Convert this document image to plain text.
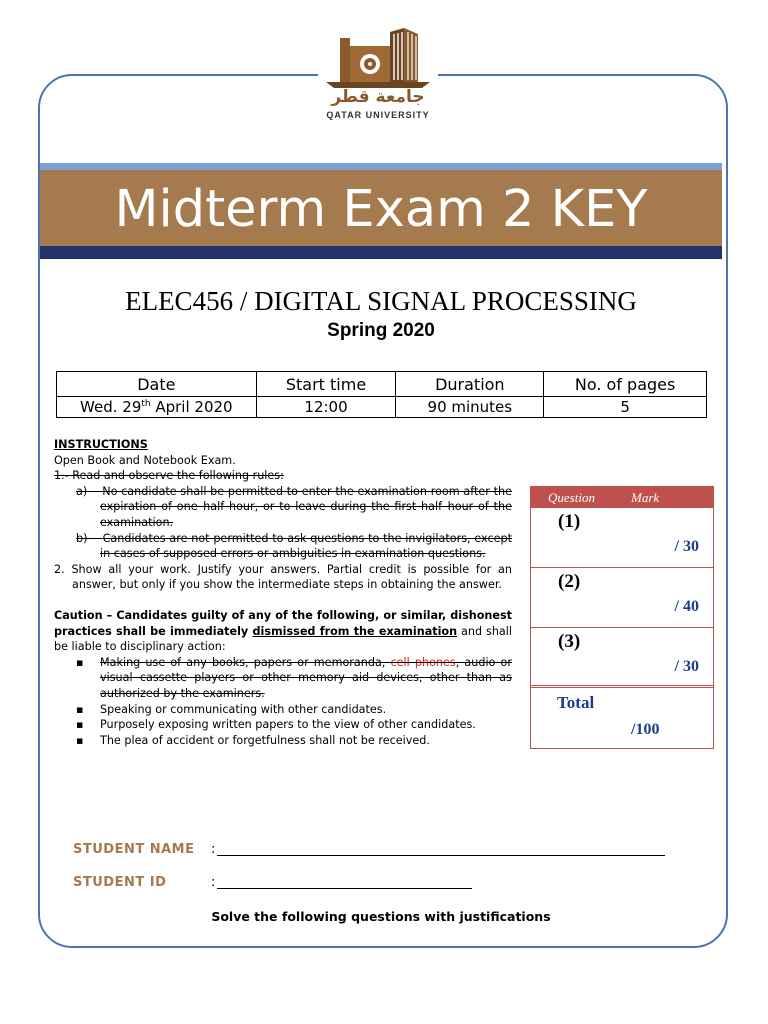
جامعة قطر
QATAR UNIVERSITY
Midterm Exam 2 KEY
ELEC456 / DIGITAL SIGNAL PROCESSING
Spring 2020
Date	Start time	Duration	No. of pages
Wed. 29th April 2020	12:00	90 minutes	5
INSTRUCTIONS
Open Book and Notebook Exam.
1.- Read and observe the following rules:
a) No candidate shall be permitted to enter the examination room after the expiration of one–half hour, or to leave during the first half–hour of the examination.
b) Candidates are not permitted to ask questions to the invigilators, except in cases of supposed errors or ambiguities in examination questions.
2. Show all your work. Justify your answers. Partial credit is possible for an answer, but only if you show the intermediate steps in obtaining the answer.
Caution – Candidates guilty of any of the following, or similar, dishonest practices shall be immediately dismissed from the examination and shall be liable to disciplinary action:
▪ Making use of any books, papers or memoranda, cell phones, audio or visual cassette players or other memory aid devices, other than as authorized by the examiners.
▪ Speaking or communicating with other candidates.
▪ Purposely exposing written papers to the view of other candidates.
▪ The plea of accident or forgetfulness shall not be received.
Question	Mark
(1)
/ 30
(2)
/ 40
(3)
/ 30
Total
/100
STUDENT NAME :
STUDENT ID	:
Solve the following questions with justifications
